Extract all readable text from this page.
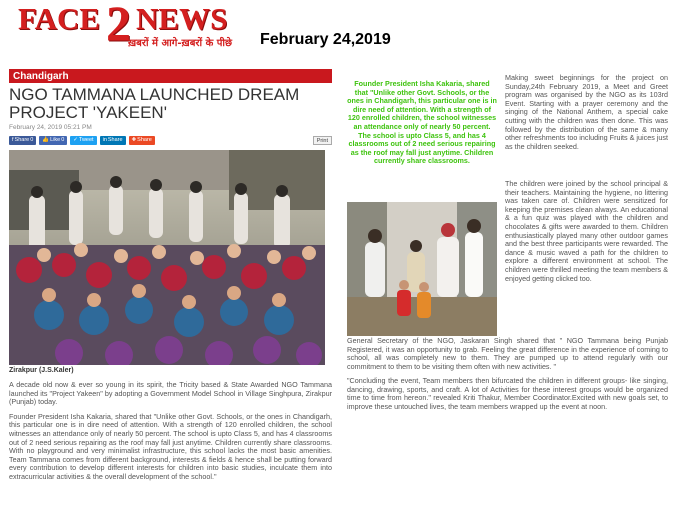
FACE 2 NEWS
ख़बरों में आगे-ख़बरों के पीछे February 24,2019
Chandigarh
NGO TAMMANA LAUNCHED DREAM PROJECT 'YAKEEN'
February 24, 2019 05:21 PM
f Share 0 👍 Like 0 ✓ Tweet in Share ✚ Share	Print
Zirakpur (J.S.Kaler)

A decade old now & ever so young in its spirit, the Tricity based & State Awarded NGO Tammana launched its "Project Yakeen" by adopting a Government Model School in Village Singhpura, Zirakpur (Punjab) today.

Founder President Isha Kakaria, shared that "Unlike other Govt. Schools, or the ones in Chandigarh, this particular one is in dire need of attention. With a strength of 120 enrolled children, the school witnesses an attendance only of nearly 50 percent. The school is upto Class 5, and has 4 classrooms out of 2 need serious repairing as the roof may fall just anytime. Children currently share classrooms. With no playground and very minimalist infrastructure, this school lacks the most basic amenities. Team Tammana comes from different background, interests & fields & hence shall be putting forward every contribution to develop different interests for children into basic studies, inculcate them into extracurricular activities & the overall development of the school."

Founder President Isha Kakaria, shared that "Unlike other Govt. Schools, or the ones in Chandigarh, this particular one is in dire need of attention. With a strength of 120 enrolled children, the school witnesses an attendance only of nearly 50 percent. The school is upto Class 5, and has 4 classrooms out of 2 need serious repairing as the roof may fall just anytime. Children currently share classrooms.

Making sweet beginnings for the project on Sunday,24th February 2019, a Meet and Greet program was organised by the NGO as its 103rd Event. Starting with a prayer ceremony and the singing of the National Anthem, a special cake cutting with the children was then done. This was followed by the distribution of the same & many other refreshments too including Fruits & juices just as the children seeked.

The children were joined by the school principal & their teachers. Maintaining the hygiene, no littering was taken care of. Children were sensitized for keeping the premises clean always. An educational & a fun quiz was played with the children and chocolates & gifts were awarded to them. Children enthusiastically played many other outdoor games and the best three participants were rewarded. The dance & music waved a path for the children to explore a different environment at school. The children were thrilled meeting the team members & enjoyed getting clicked too.

General Secretary of the NGO, Jaskaran Singh shared that " NGO Tammana being Punjab Registered, it was an opportunity to grab. Feeling the great difference in the experience of coming to school, all was completely new to them. They are pumped up to attend regularly with our commitment to them to be visiting them often with new activities. "

"Concluding the event, Team members then bifurcated the children in different groups- like singing, dancing, drawing, sports, and craft. A lot of Activities for these interest groups would be organized time to time from hereon." revealed Kriti Thakur, Member Coordinator.Excited with new goals set, to improve these untouched lives, the team members wrapped up the event at noon.
